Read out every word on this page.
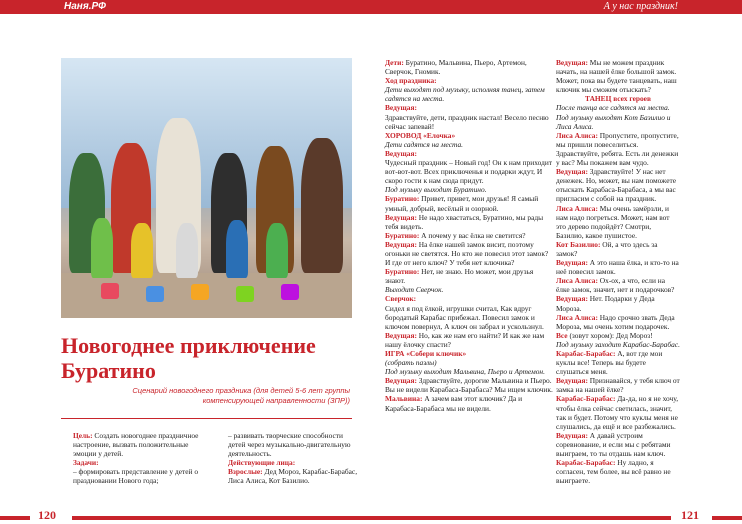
Наня.РФ	А у нас праздник!
Новогоднее приключение Буратино
Сценарий новогоднего праздника (для детей 5-6 лет группы компенсирующей направленности (ЗПР))

Цель: Создать новогоднее праздничное настроение, вызвать положительные эмоции у детей.

Задачи:

– формировать представление у детей о праздновании Нового года;

– развивать творческие способности детей через музыкально-двигательную деятельность.

Действующие лица:

Взрослые: Дед Мороз, Карабас-Барабас, Лиса Алиса, Кот Базилио.

Дети: Буратино, Мальвина, Пьеро, Артемон, Сверчок, Гномик.

Ход праздника:

Дети выходят под музыку, исполняя танец, затем садятся на места.

Ведущая:

Здравствуйте, дети, праздник настал! Весело песню сейчас запевай!

ХОРОВОД «Елочка»

Дети садятся на места.

Ведущая:

Чудесный праздник – Новый год! Он к нам приходит вот-вот-вот. Всех приключенья и подарки ждут, И скоро гости к нам сюда придут.

Под музыку выходит Буратино.

Буратино: Привет, привет, мои друзья! Я самый умный, добрый, весёлый и озорной.

Ведущая: Не надо хвастаться, Буратино, мы рады тебя видеть.

Буратино: А почему у вас ёлка не светится?

Ведущая: На ёлке нашей замок висит, поэтому огоньки не светятся. Но кто же повесил этот замок? И где от него ключ? У тебя нет ключика?

Буратино: Нет, не знаю. Но может, мои друзья знают.

Выходит Сверчок.

Сверчок:

Сидел я под ёлкой, игрушки считал, Как вдруг бородатый Карабас прибежал. Повесил замок и ключом повернул, А ключ он забрал и ускользнул.

Ведущая: Но, как же нам его найти? И как же нам нашу ёлочку спасти?

ИГРА «Собери ключик»

(собрать пазлы)

Под музыку выходит Мальвина, Пьеро и Артемон.

Ведущая: Здравствуйте, дорогие Мальвина и Пьеро. Вы не видели Карабаса-Барабаса? Мы ищем ключик.

Мальвина: А зачем вам этот ключик? Да и Карабаса-Барабаса мы не видели.

Ведущая: Мы не можем праздник начать, на нашей ёлке большой замок. Может, пока вы будете танцевать, наш ключик мы сможем отыскать?

ТАНЕЦ всех героев

После танца все садятся на места. Под музыку выходят Кот Базилио и Лиса Алиса.

Лиса Алиса: Пропустите, пропустите, мы пришли повеселиться. Здравствуйте, ребята. Есть ли денежки у вас? Мы покажем вам чудо.

Ведущая: Здравствуйте! У нас нет денежек. Но, может, вы нам поможете отыскать Карабаса-Барабаса, а мы вас пригласим с собой на праздник.

Лиса Алиса: Мы очень замёрзли, и нам надо погреться. Может, нам вот это дерево подойдёт? Смотри, Базилио, какое пушистое.

Кот Базилио: Ой, а что здесь за замок?

Ведущая: А это наша ёлка, и кто-то на неё повесил замок.

Лиса Алиса: Ох-ох, а что, если на ёлке замок, значит, нет и подарочков?

Ведущая: Нет. Подарки у Деда Мороза.

Лиса Алиса: Надо срочно звать Деда Мороза, мы очень хотим подарочек.

Все (зовут хором): Дед Мороз!

Под музыку заходит Карабас-Барабас.

Карабас-Барабас: А, вот где мои куклы все! Теперь вы будете слушаться меня.

Ведущая: Признавайся, у тебя ключ от замка на нашей ёлке?

Карабас-Барабас: Да-да, но я не хочу, чтобы ёлка сейчас светилась, значит, так и будет. Потому что куклы меня не слушались, да ещё и все разбежались.

Ведущая: А давай устроим соревнование, и если мы с ребятами выиграем, то ты отдашь нам ключ.

Карабас-Барабас: Ну ладно, я согласен, тем более, вы всё равно не выиграете.

120	121
